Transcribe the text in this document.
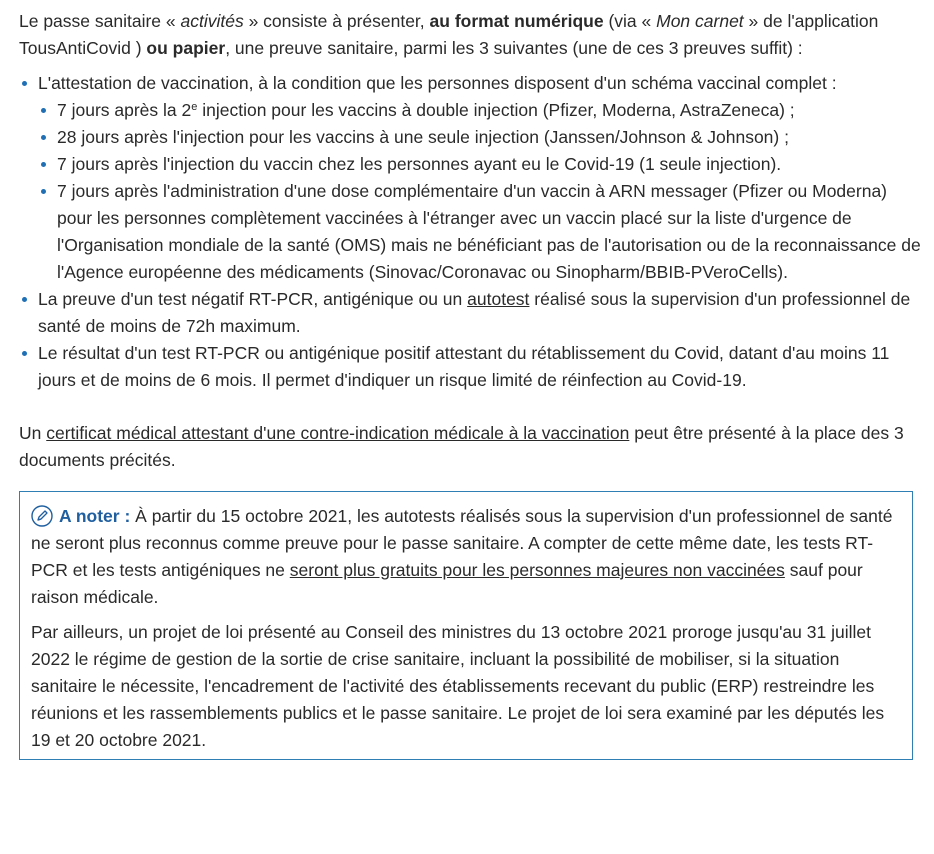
Le passe sanitaire « activités » consiste à présenter, au format numérique (via « Mon carnet » de l'application TousAntiCovid ) ou papier, une preuve sanitaire, parmi les 3 suivantes (une de ces 3 preuves suffit) :

L'attestation de vaccination, à la condition que les personnes disposent d'un schéma vaccinal complet :
7 jours après la 2e injection pour les vaccins à double injection (Pfizer, Moderna, AstraZeneca) ;
28 jours après l'injection pour les vaccins à une seule injection (Janssen/Johnson & Johnson) ;
7 jours après l'injection du vaccin chez les personnes ayant eu le Covid-19 (1 seule injection).
7 jours après l'administration d'une dose complémentaire d'un vaccin à ARN messager (Pfizer ou Moderna) pour les personnes complètement vaccinées à l'étranger avec un vaccin placé sur la liste d'urgence de l'Organisation mondiale de la santé (OMS) mais ne bénéficiant pas de l'autorisation ou de la reconnaissance de l'Agence européenne des médicaments (Sinovac/Coronavac ou Sinopharm/BBIB-PVeroCells).
La preuve d'un test négatif RT-PCR, antigénique ou un autotest réalisé sous la supervision d'un professionnel de santé de moins de 72h maximum.
Le résultat d'un test RT-PCR ou antigénique positif attestant du rétablissement du Covid, datant d'au moins 11 jours et de moins de 6 mois. Il permet d'indiquer un risque limité de réinfection au Covid-19.

Un certificat médical attestant d'une contre-indication médicale à la vaccination peut être présenté à la place des 3 documents précités.

A noter : À partir du 15 octobre 2021, les autotests réalisés sous la supervision d'un professionnel de santé ne seront plus reconnus comme preuve pour le passe sanitaire. A compter de cette même date, les tests RT-PCR et les tests antigéniques ne seront plus gratuits pour les personnes majeures non vaccinées sauf pour raison médicale.

Par ailleurs, un projet de loi présenté au Conseil des ministres du 13 octobre 2021 proroge jusqu'au 31 juillet 2022 le régime de gestion de la sortie de crise sanitaire, incluant la possibilité de mobiliser, si la situation sanitaire le nécessite, l'encadrement de l'activité des établissements recevant du public (ERP) restreindre les réunions et les rassemblements publics et le passe sanitaire. Le projet de loi sera examiné par les députés les 19 et 20 octobre 2021.
